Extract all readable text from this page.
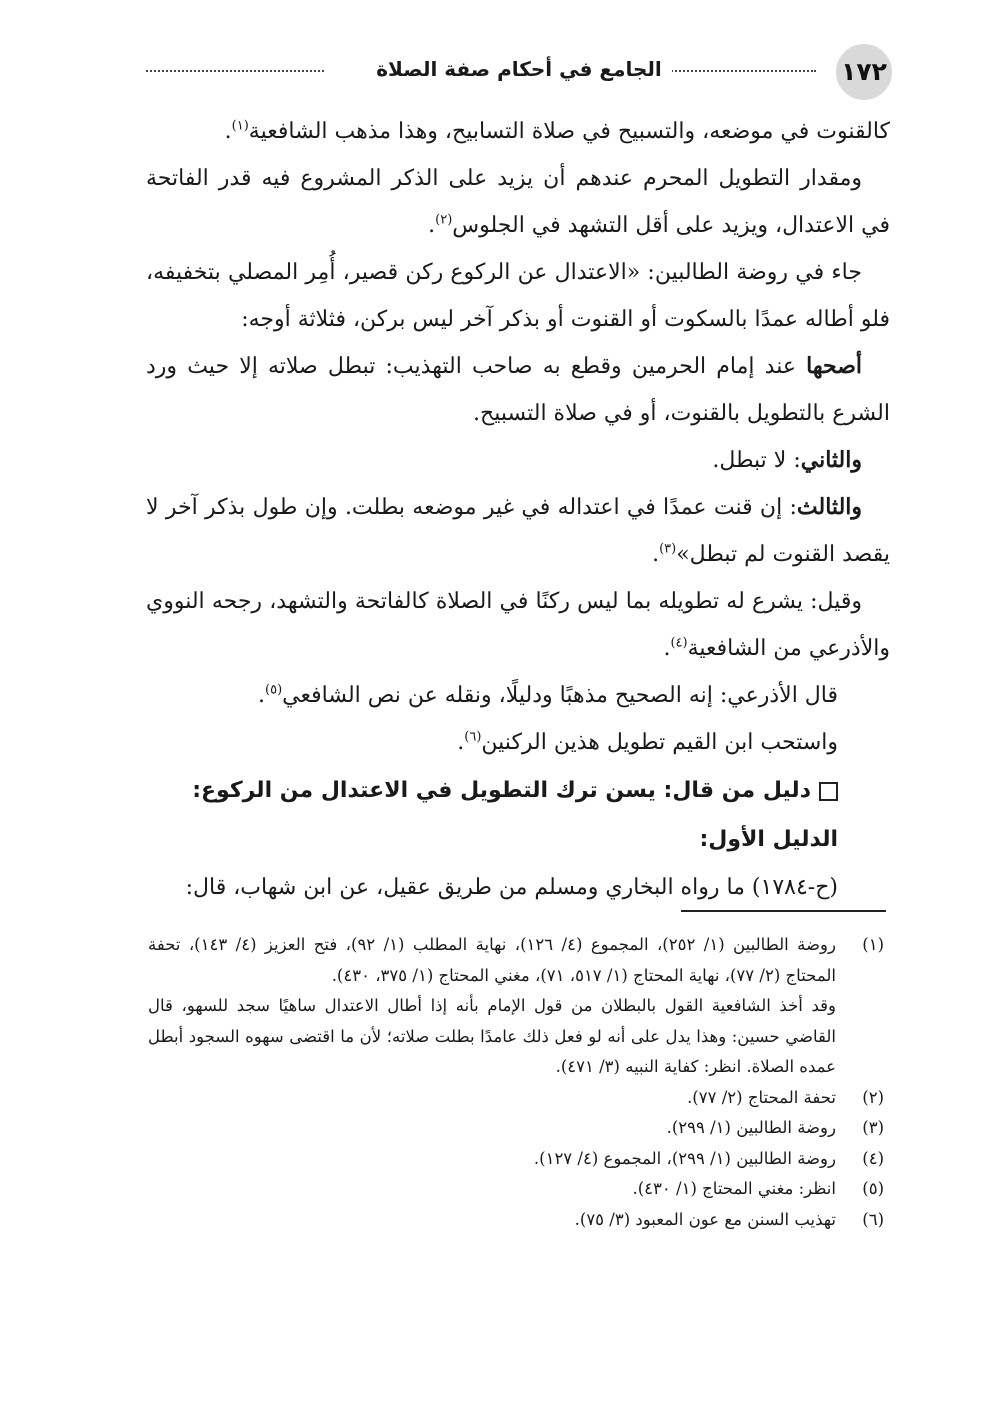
الجامع في أحكام صفة الصلاة	١٧٢

كالقنوت في موضعه، والتسبيح في صلاة التسابيح، وهذا مذهب الشافعية$^{(١)}$.

ومقدار التطويل المحرم عندهم أن يزيد على الذكر المشروع فيه قدر الفاتحة في الاعتدال، ويزيد على أقل التشهد في الجلوس$^{(٢)}$.

جاء في روضة الطالبين: «الاعتدال عن الركوع ركن قصير، أُمِر المصلي بتخفيفه، فلو أطاله عمدًا بالسكوت أو القنوت أو بذكر آخر ليس بركن، فثلاثة أوجه:

أصحها عند إمام الحرمين وقطع به صاحب التهذيب: تبطل صلاته إلا حيث ورد الشرع بالتطويل بالقنوت، أو في صلاة التسبيح.

والثاني: لا تبطل.

والثالث: إن قنت عمدًا في اعتداله في غير موضعه بطلت. وإن طول بذكر آخر لا يقصد القنوت لم تبطل»$^{(٣)}$.

وقيل: يشرع له تطويله بما ليس ركنًا في الصلاة كالفاتحة والتشهد، رجحه النووي والأذرعي من الشافعية$^{(٤)}$.

قال الأذرعي: إنه الصحيح مذهبًا ودليلًا، ونقله عن نص الشافعي$^{(٥)}$.

واستحب ابن القيم تطويل هذين الركنين$^{(٦)}$.

دليل من قال: يسن ترك التطويل في الاعتدال من الركوع:

الدليل الأول:

(ح-١٧٨٤) ما رواه البخاري ومسلم من طريق عقيل، عن ابن شهاب، قال:

(١)
روضة الطالبين (١/ ٢٥٢)، المجموع (٤/ ١٢٦)، نهاية المطلب (١/ ٩٢)، فتح العزيز (٤/ ١٤٣)، تحفة المحتاج (٢/ ٧٧)، نهاية المحتاج (١/ ٥١٧، ٧١)، مغني المحتاج (١/ ٣٧٥، ٤٣٠).
وقد أخذ الشافعية القول بالبطلان من قول الإمام بأنه إذا أطال الاعتدال ساهيًا سجد للسهو، قال القاضي حسين: وهذا يدل على أنه لو فعل ذلك عامدًا بطلت صلاته؛ لأن ما اقتضى سهوه السجود أبطل عمده الصلاة. انظر: كفاية النبيه (٣/ ٤٧١).
(٢)
تحفة المحتاج (٢/ ٧٧).
(٣)
روضة الطالبين (١/ ٢٩٩).
(٤)
روضة الطالبين (١/ ٢٩٩)، المجموع (٤/ ١٢٧).
(٥)
انظر: مغني المحتاج (١/ ٤٣٠).
(٦)
تهذيب السنن مع عون المعبود (٣/ ٧٥).
